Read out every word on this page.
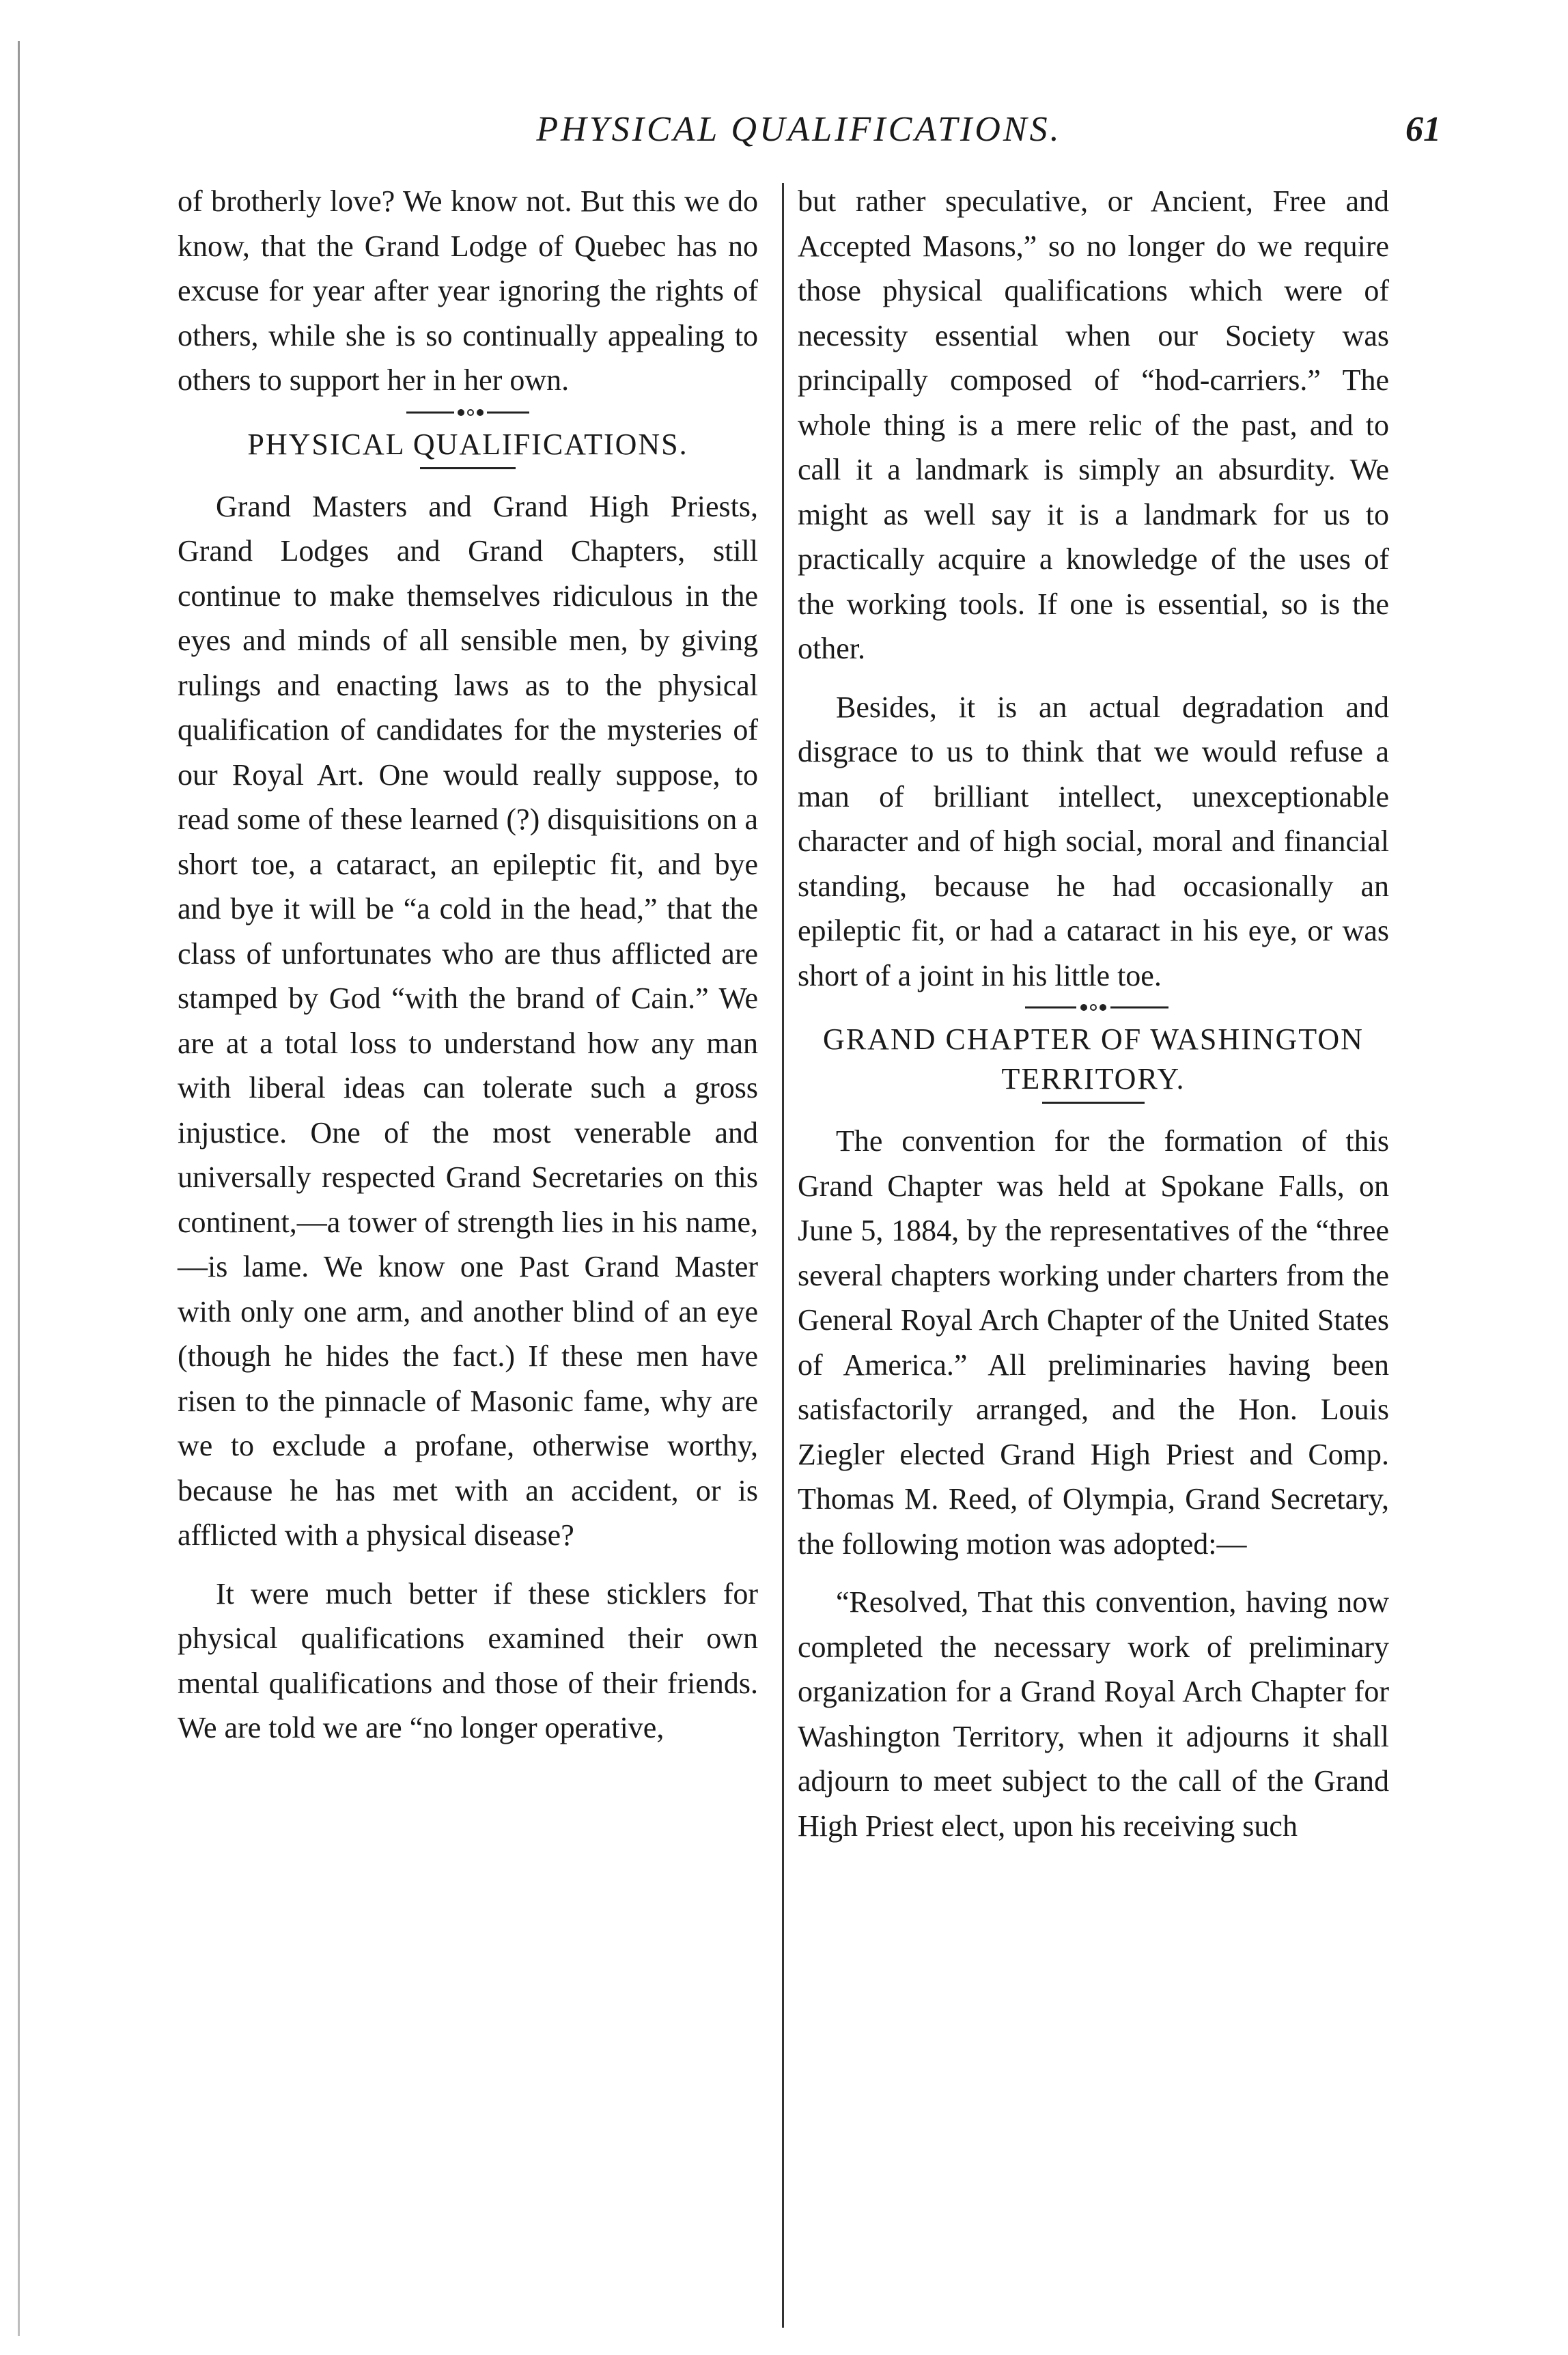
PHYSICAL QUALIFICATIONS.	61

of brotherly love? We know not. But this we do know, that the Grand Lodge of Quebec has no excuse for year after year ignoring the rights of others, while she is so continually appealing to others to support her in her own.

PHYSICAL QUALIFICATIONS.

Grand Masters and Grand High Priests, Grand Lodges and Grand Chapters, still continue to make themselves ridiculous in the eyes and minds of all sensible men, by giving rulings and enacting laws as to the physical qualification of candidates for the mysteries of our Royal Art. One would really suppose, to read some of these learned (?) disquisitions on a short toe, a cataract, an epileptic fit, and bye and bye it will be “a cold in the head,” that the class of unfortunates who are thus afflicted are stamped by God “with the brand of Cain.” We are at a total loss to understand how any man with liberal ideas can tolerate such a gross injustice. One of the most venerable and universally respected Grand Secretaries on this continent,—a tower of strength lies in his name,—is lame. We know one Past Grand Master with only one arm, and another blind of an eye (though he hides the fact.) If these men have risen to the pinnacle of Masonic fame, why are we to exclude a profane, otherwise worthy, because he has met with an accident, or is afflicted with a physical disease?

It were much better if these sticklers for physical qualifications examined their own mental qualifications and those of their friends. We are told we are “no longer operative,

but rather speculative, or Ancient, Free and Accepted Masons,” so no longer do we require those physical qualifications which were of necessity essential when our Society was principally composed of “hod-carriers.” The whole thing is a mere relic of the past, and to call it a landmark is simply an absurdity. We might as well say it is a landmark for us to practically acquire a knowledge of the uses of the working tools. If one is essential, so is the other.

Besides, it is an actual degradation and disgrace to us to think that we would refuse a man of brilliant intellect, unexceptionable character and of high social, moral and financial standing, because he had occasionally an epileptic fit, or had a cataract in his eye, or was short of a joint in his little toe.

GRAND CHAPTER OF WASHINGTON TERRITORY.

The convention for the formation of this Grand Chapter was held at Spokane Falls, on June 5, 1884, by the representatives of the “three several chapters working under charters from the General Royal Arch Chapter of the United States of America.” All preliminaries having been satisfactorily arranged, and the Hon. Louis Ziegler elected Grand High Priest and Comp. Thomas M. Reed, of Olympia, Grand Secretary, the following motion was adopted:—

“Resolved, That this convention, having now completed the necessary work of preliminary organization for a Grand Royal Arch Chapter for Washington Territory, when it adjourns it shall adjourn to meet subject to the call of the Grand High Priest elect, upon his receiving such
